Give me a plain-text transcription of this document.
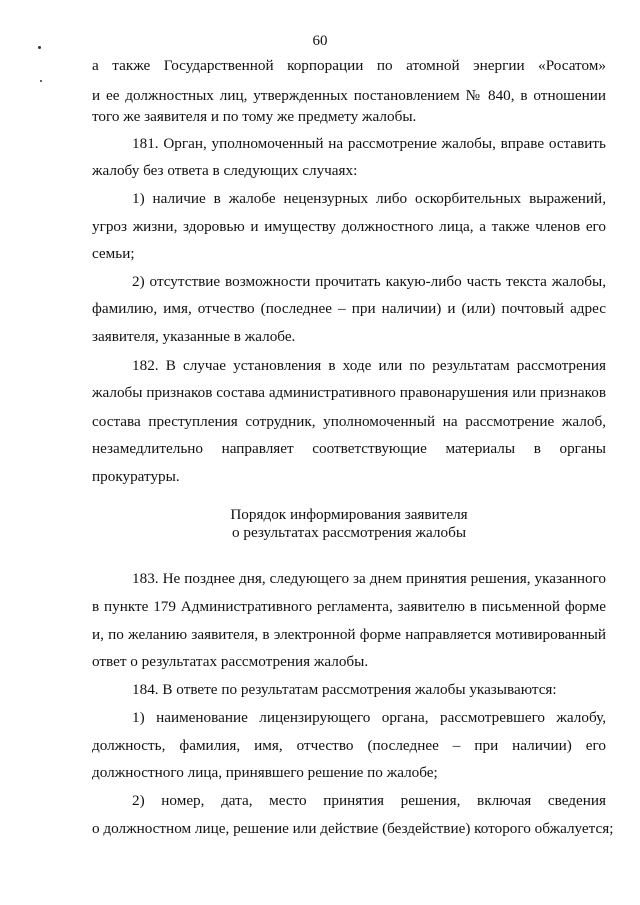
60
а также Государственной корпорации по атомной энергии «Росатом»
и ее должностных лиц, утвержденных постановлением № 840, в отношении
того же заявителя и по тому же предмету жалобы.
181. Орган, уполномоченный на рассмотрение жалобы, вправе оставить
жалобу без ответа в следующих случаях:
1) наличие в жалобе нецензурных либо оскорбительных выражений,
угроз жизни, здоровью и имуществу должностного лица, а также членов его
семьи;
2) отсутствие возможности прочитать какую-либо часть текста жалобы,
фамилию, имя, отчество (последнее – при наличии) и (или) почтовый адрес
заявителя, указанные в жалобе.
182. В случае установления в ходе или по результатам рассмотрения
жалобы признаков состава административного правонарушения или признаков
состава преступления сотрудник, уполномоченный на рассмотрение жалоб,
незамедлительно направляет соответствующие материалы в органы
прокуратуры.
Порядок информирования заявителя
о результатах рассмотрения жалобы
183. Не позднее дня, следующего за днем принятия решения, указанного
в пункте 179 Административного регламента, заявителю в письменной форме
и, по желанию заявителя, в электронной форме направляется мотивированный
ответ о результатах рассмотрения жалобы.
184. В ответе по результатам рассмотрения жалобы указываются:
1) наименование лицензирующего органа, рассмотревшего жалобу,
должность, фамилия, имя, отчество (последнее – при наличии) его
должностного лица, принявшего решение по жалобе;
2) номер, дата, место принятия решения, включая сведения
о должностном лице, решение или действие (бездействие) которого обжалуется;
